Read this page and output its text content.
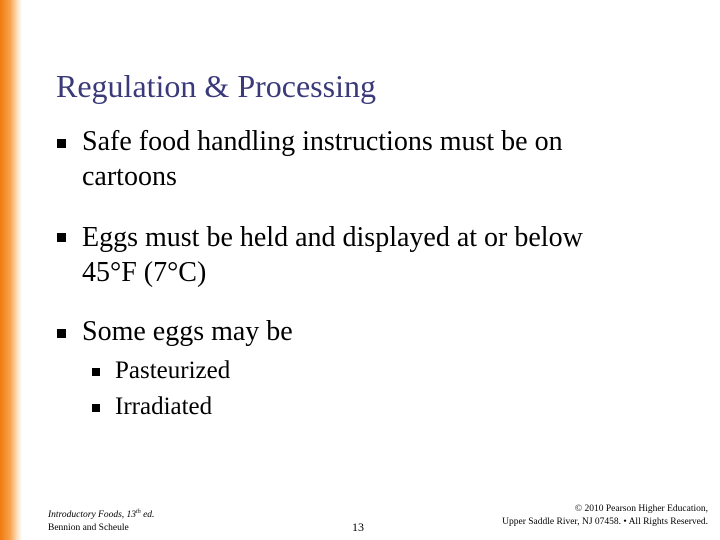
Regulation & Processing
Safe food handling instructions must be on
cartoons
Eggs must be held and displayed at or below
45°F (7°C)
Some eggs may be
Pasteurized
Irradiated
Introductory Foods, 13th ed.
Bennion and Scheule	13
© 2010 Pearson Higher Education,
Upper Saddle River, NJ 07458. • All Rights Reserved.
